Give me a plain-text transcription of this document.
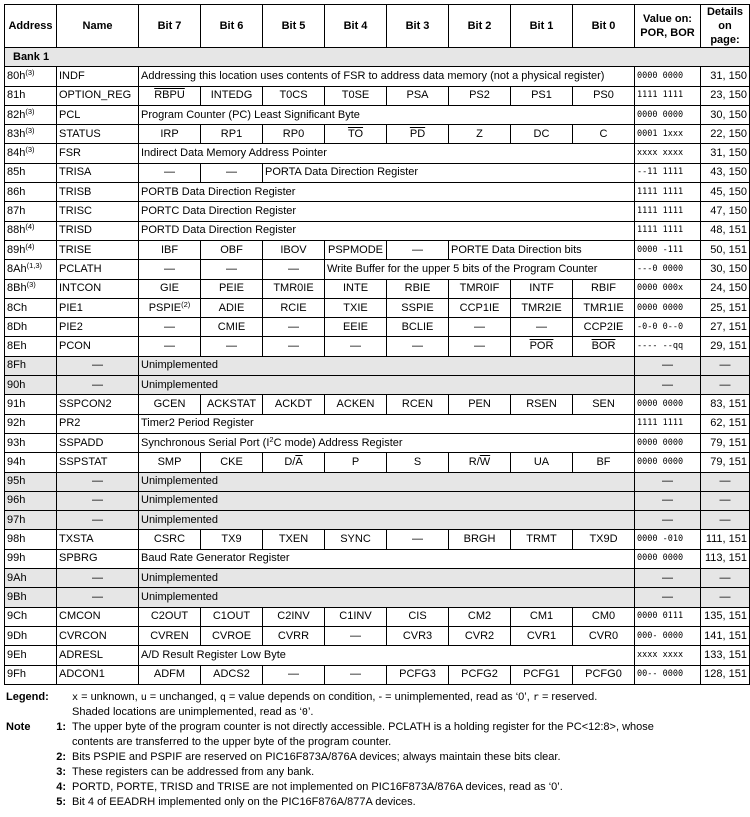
Address	Name	Bit 7	Bit 6	Bit 5	Bit 4	Bit 3	Bit 2	Bit 1	Bit 0	Value on:
POR, BOR	Details
on page:
Bank 1											
$80h^{(3)}$	INDF	Addressing this location uses contents of FSR to address data memory (not a physical register)								0000 0000	31, 150
81h	OPTION_REG	RBPU	INTEDG	T0CS	T0SE	PSA	PS2	PS1	PS0	1111 1111	23, 150
$82h^{(3)}$	PCL	Program Counter (PC) Least Significant Byte								0000 0000	30, 150
$83h^{(3)}$	STATUS	IRP	RP1	RP0	$\overline{TO}$	$\overline{PD}$	Z	DC	C	0001 1xxx	22, 150
$84h^{(3)}$	FSR	Indirect Data Memory Address Pointer								xxxx xxxx	31, 150
85h	TRISA	—	—	PORTA Data Direction Register						--11 1111	43, 150
86h	TRISB	PORTB Data Direction Register								1111 1111	45, 150
87h	TRISC	PORTC Data Direction Register								1111 1111	47, 150
$88h^{(4)}$	TRISD	PORTD Data Direction Register								1111 1111	48, 151
$89h^{(4)}$	TRISE	IBF	OBF	IBOV	PSPMODE	—	PORTE Data Direction bits			0000 -111	50, 151
8Ah$^{(1,3)}$	PCLATH	—	—	—	Write Buffer for the upper 5 bits of the Program Counter					---0 0000	30, 150
8Bh$^{(3)}$	INTCON	GIE	PEIE	TMR0IE	INTE	RBIE	TMR0IF	INTF	RBIF	0000 000x	24, 150
8Ch	PIE1	PSPIE$^{(2)}$	ADIE	RCIE	TXIE	SSPIE	CCP1IE	TMR2IE	TMR1IE	0000 0000	25, 151
8Dh	PIE2	—	CMIE	—	EEIE	BCLIE	—	—	CCP2IE	-0-0 0--0	27, 151
8Eh	PCON	—	—	—	—	—	—	$\overline{POR}$	$\overline{BOR}$	---- --qq	29, 151
8Fh	—	Unimplemented								—	—
90h	—	Unimplemented								—	—
91h	SSPCON2	GCEN	ACKSTAT	ACKDT	ACKEN	RCEN	PEN	RSEN	SEN	0000 0000	83, 151
92h	PR2	Timer2 Period Register								1111 1111	62, 151
93h	SSPADD	Synchronous Serial Port ($I^2C$ mode) Address Register								0000 0000	79, 151
94h	SSPSTAT	SMP	CKE	$D/\overline{A}$	P	S	$R/\overline{W}$	UA	BF	0000 0000	79, 151
95h	—	Unimplemented								—	—
96h	—	Unimplemented								—	—
97h	—	Unimplemented								—	—
98h	TXSTA	CSRC	TX9	TXEN	SYNC	—	BRGH	TRMT	TX9D	0000 -010	111, 151
99h	SPBRG	Baud Rate Generator Register								0000 0000	113, 151
9Ah	—	Unimplemented								—	—
9Bh	—	Unimplemented								—	—
9Ch	CMCON	C2OUT	C1OUT	C2INV	C1INV	CIS	CM2	CM1	CM0	0000 0111	135, 151
9Dh	CVRCON	CVREN	CVROE	CVRR	—	CVR3	CVR2	CVR1	CVR0	000- 0000	141, 151
9Eh	ADRESL	A/D Result Register Low Byte								xxxx xxxx	133, 151
9Fh	ADCON1	ADFM	ADCS2	—	—	PCFG3	PCFG2	PCFG1	PCFG0	00-- 0000	128, 151
Legend:	x = unknown, u = unchanged, q = value depends on condition, - = unimplemented, read as ‘0’, r = reserved.
Shaded locations are unimplemented, read as ‘0’.
Note	1: The upper byte of the program counter is not directly accessible. PCLATH is a holding register for the PC<12:8>, whose
contents are transferred to the upper byte of the program counter.
2: Bits PSPIE and PSPIF are reserved on PIC16F873A/876A devices; always maintain these bits clear.
3: These registers can be addressed from any bank.
4: PORTD, PORTE, TRISD and TRISE are not implemented on PIC16F873A/876A devices, read as ‘0’.
5: Bit 4 of EEADRH implemented only on the PIC16F876A/877A devices.
